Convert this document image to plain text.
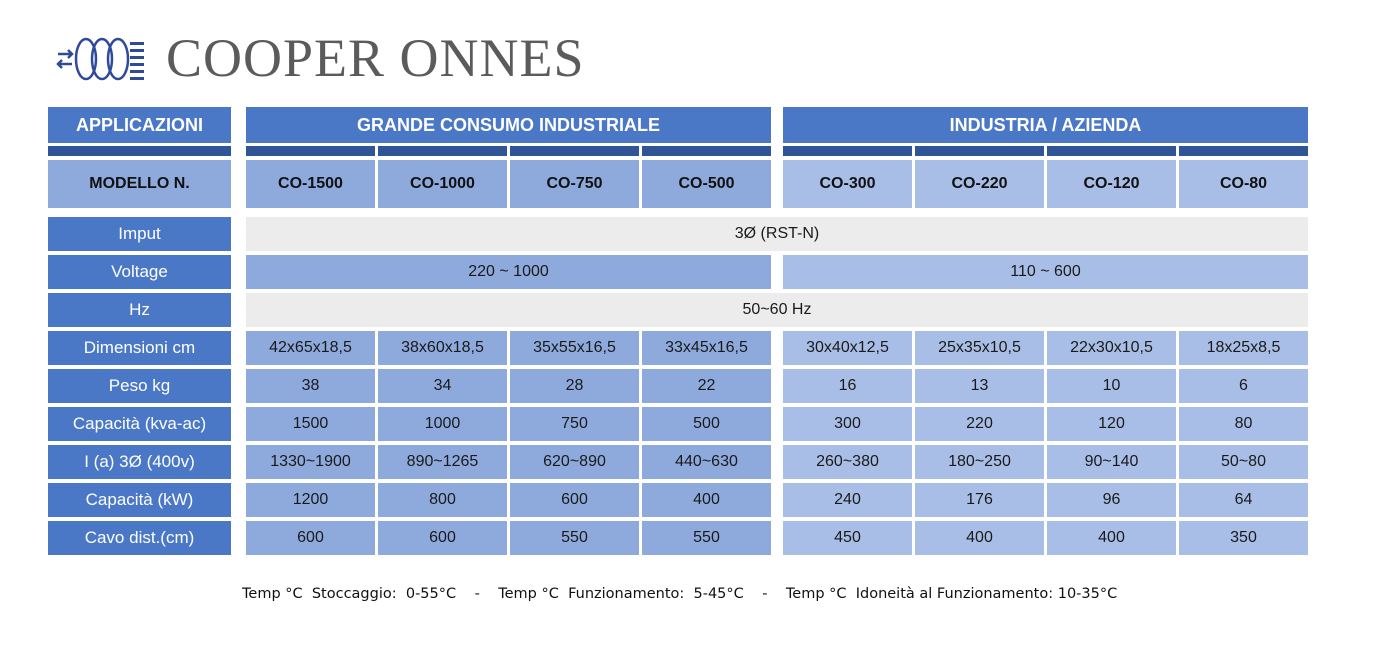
COOPER ONNES
APPLICAZIONI	GRANDE CONSUMO INDUSTRIALE	INDUSTRIA / AZIENDA
MODELLO N.	CO-1500	CO-1000	CO-750	CO-500	CO-300	CO-220	CO-120	CO-80
Imput	3Ø (RST-N)
Voltage	220 ~ 1000	110 ~ 600
Hz	50~60 Hz
Dimensioni cm	42x65x18,5	38x60x18,5	35x55x16,5	33x45x16,5	30x40x12,5	25x35x10,5	22x30x10,5	18x25x8,5
Peso kg	38	34	28	22	16	13	10	6
Capacità (kva-ac)	1500	1000	750	500	300	220	120	80
I (a) 3Ø (400v)	1330~1900	890~1265	620~890	440~630	260~380	180~250	90~140	50~80
Capacità (kW)	1200	800	600	400	240	176	96	64
Cavo dist.(cm)	600	600	550	550	450	400	400	350
Temp °C  Stoccaggio:  0-55°C    -    Temp °C  Funzionamento:  5-45°C    -    Temp °C  Idoneità al Funzionamento: 10-35°C
